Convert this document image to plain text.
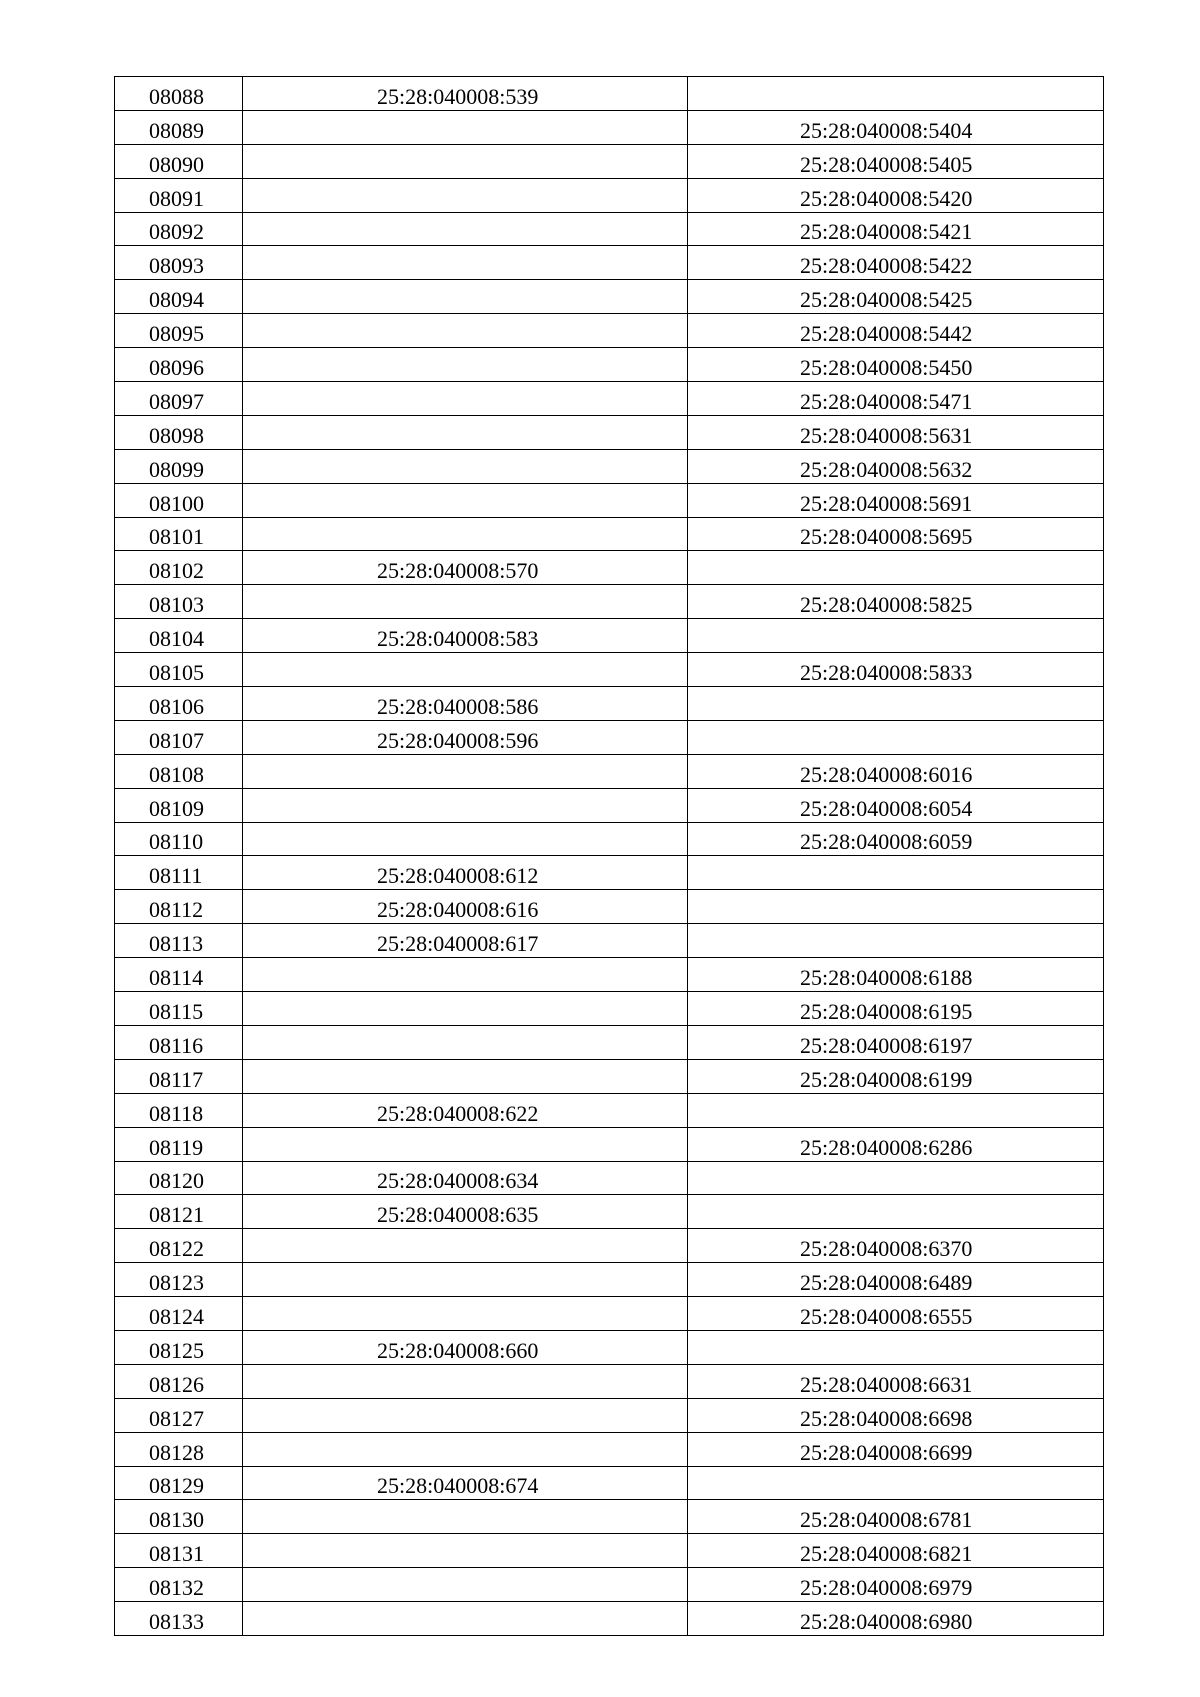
08088	25:28:040008:539	

08089		25:28:040008:5404

08090		25:28:040008:5405

08091		25:28:040008:5420

08092		25:28:040008:5421

08093		25:28:040008:5422

08094		25:28:040008:5425

08095		25:28:040008:5442

08096		25:28:040008:5450

08097		25:28:040008:5471

08098		25:28:040008:5631

08099		25:28:040008:5632

08100		25:28:040008:5691

08101		25:28:040008:5695

08102	25:28:040008:570	

08103		25:28:040008:5825

08104	25:28:040008:583	

08105		25:28:040008:5833

08106	25:28:040008:586	

08107	25:28:040008:596	

08108		25:28:040008:6016

08109		25:28:040008:6054

08110		25:28:040008:6059

08111	25:28:040008:612	

08112	25:28:040008:616	

08113	25:28:040008:617	

08114		25:28:040008:6188

08115		25:28:040008:6195

08116		25:28:040008:6197

08117		25:28:040008:6199

08118	25:28:040008:622	

08119		25:28:040008:6286

08120	25:28:040008:634	

08121	25:28:040008:635	

08122		25:28:040008:6370

08123		25:28:040008:6489

08124		25:28:040008:6555

08125	25:28:040008:660	

08126		25:28:040008:6631

08127		25:28:040008:6698

08128		25:28:040008:6699

08129	25:28:040008:674	

08130		25:28:040008:6781

08131		25:28:040008:6821

08132		25:28:040008:6979

08133		25:28:040008:6980
